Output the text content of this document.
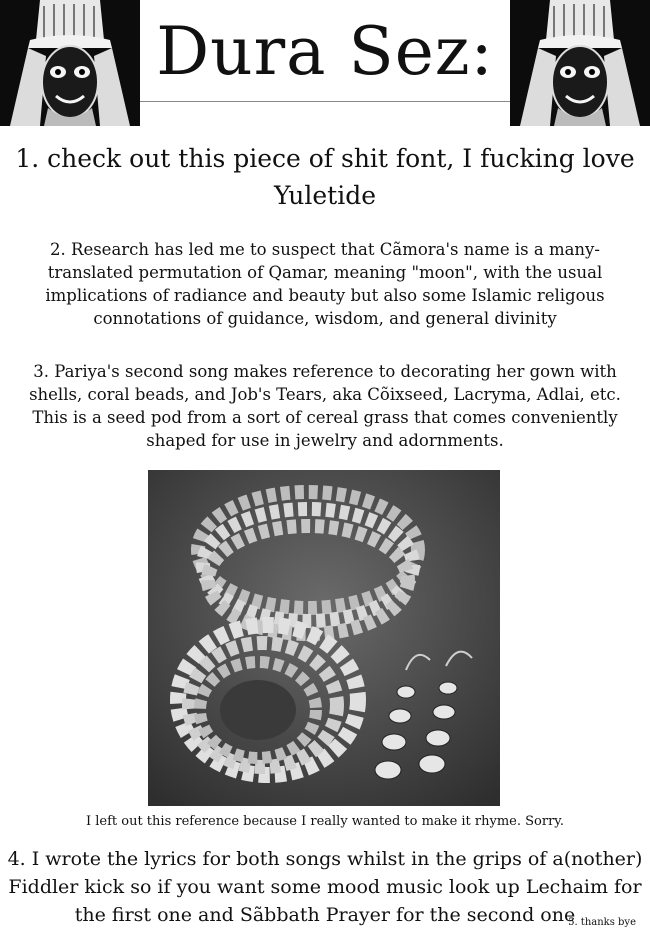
Dura Sez:
1. check out this piece of shit font, I fucking love Yuletide
2. Research has led me to suspect that Cãmora's name is a many-translated permutation of Qamar, meaning "moon", with the usual implications of radiance and beauty but also some Islamic religous connotations of guidance, wisdom, and general divinity
3. Pariya's second song makes reference to decorating her gown with shells, coral beads, and Job's Tears, aka Cõixseed, Lacryma, Adlai, etc. This is a seed pod from a sort of cereal grass that comes conveniently shaped for use in jewelry and adornments.
I left out this reference because I really wanted to make it rhyme. Sorry.
4. I wrote the lyrics for both songs whilst in the grips of a(nother) Fiddler kick so if you want some mood music look up Lechaim for the first one and Sãbbath Prayer for the second one
5. thanks bye
